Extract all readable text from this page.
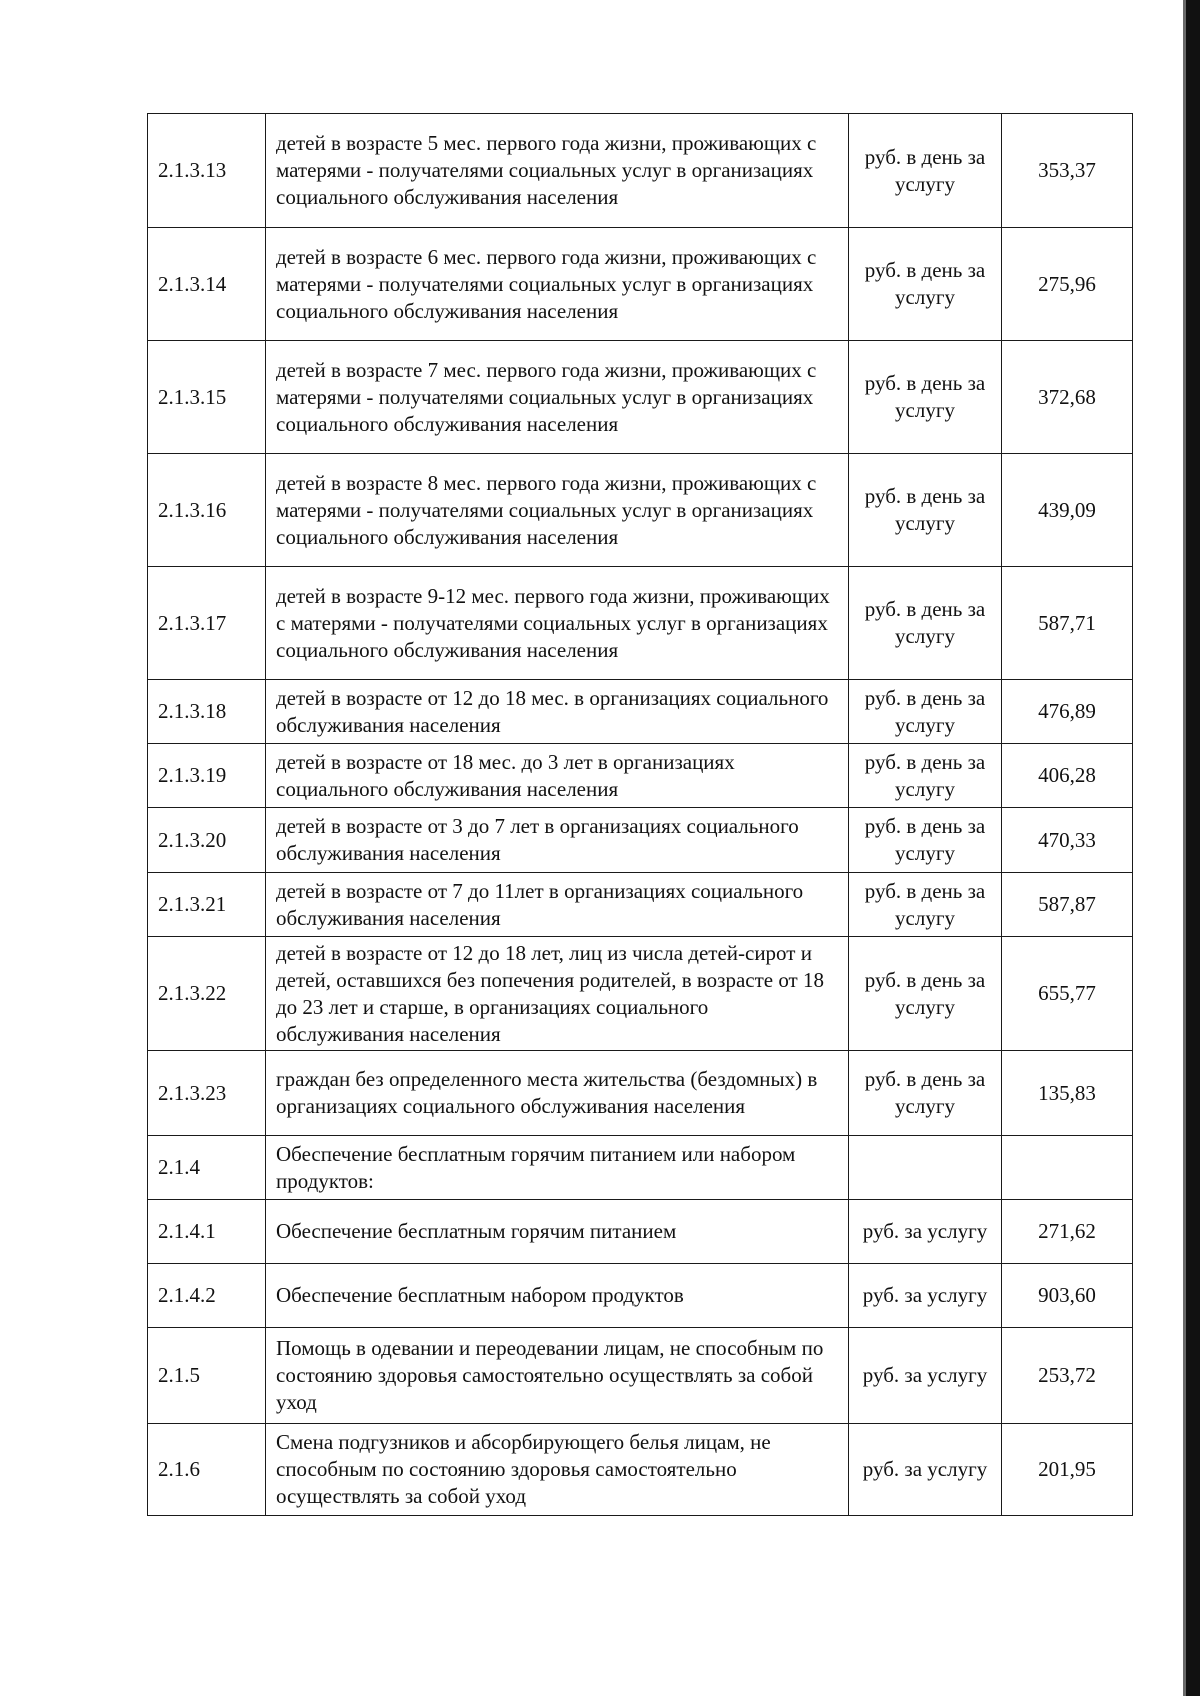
2.1.3.13	детей в возрасте 5 мес. первого года жизни, проживающих с матерями - получателями социальных услуг в организациях социального обслуживания населения	руб. в день за услугу	353,37
2.1.3.14	детей в возрасте 6 мес. первого года жизни, проживающих с матерями - получателями социальных услуг в организациях социального обслуживания населения	руб. в день за услугу	275,96
2.1.3.15	детей в возрасте 7 мес. первого года жизни, проживающих с матерями - получателями социальных услуг в организациях социального обслуживания населения	руб. в день за услугу	372,68
2.1.3.16	детей в возрасте 8 мес. первого года жизни, проживающих с матерями - получателями социальных услуг в организациях социального обслуживания населения	руб. в день за услугу	439,09
2.1.3.17	детей в возрасте 9-12 мес. первого года жизни, проживающих с матерями - получателями социальных услуг в организациях социального обслуживания населения	руб. в день за услугу	587,71
2.1.3.18	детей в возрасте от 12 до 18 мес. в организациях социального обслуживания населения	руб. в день за услугу	476,89
2.1.3.19	детей в возрасте от 18 мес. до 3 лет в организациях социального обслуживания населения	руб. в день за услугу	406,28
2.1.3.20	детей в возрасте от 3 до 7 лет в организациях социального обслуживания населения	руб. в день за услугу	470,33
2.1.3.21	детей в возрасте от 7 до 11лет в организациях социального обслуживания населения	руб. в день за услугу	587,87
2.1.3.22	детей в возрасте от 12 до 18 лет, лиц из числа детей-сирот и детей, оставшихся без попечения родителей, в возрасте от 18 до 23 лет и старше, в организациях социального обслуживания населения	руб. в день за услугу	655,77
2.1.3.23	граждан без определенного места жительства (бездомных) в организациях социального обслуживания населения	руб. в день за услугу	135,83
2.1.4	Обеспечение бесплатным горячим питанием или набором продуктов:		
2.1.4.1	Обеспечение бесплатным горячим питанием	руб. за услугу	271,62
2.1.4.2	Обеспечение бесплатным набором продуктов	руб. за услугу	903,60
2.1.5	Помощь в одевании и переодевании лицам, не способным по состоянию здоровья самостоятельно осуществлять за собой уход	руб. за услугу	253,72
2.1.6	Смена подгузников и абсорбирующего белья лицам, не способным по состоянию здоровья самостоятельно осуществлять за собой уход	руб. за услугу	201,95
